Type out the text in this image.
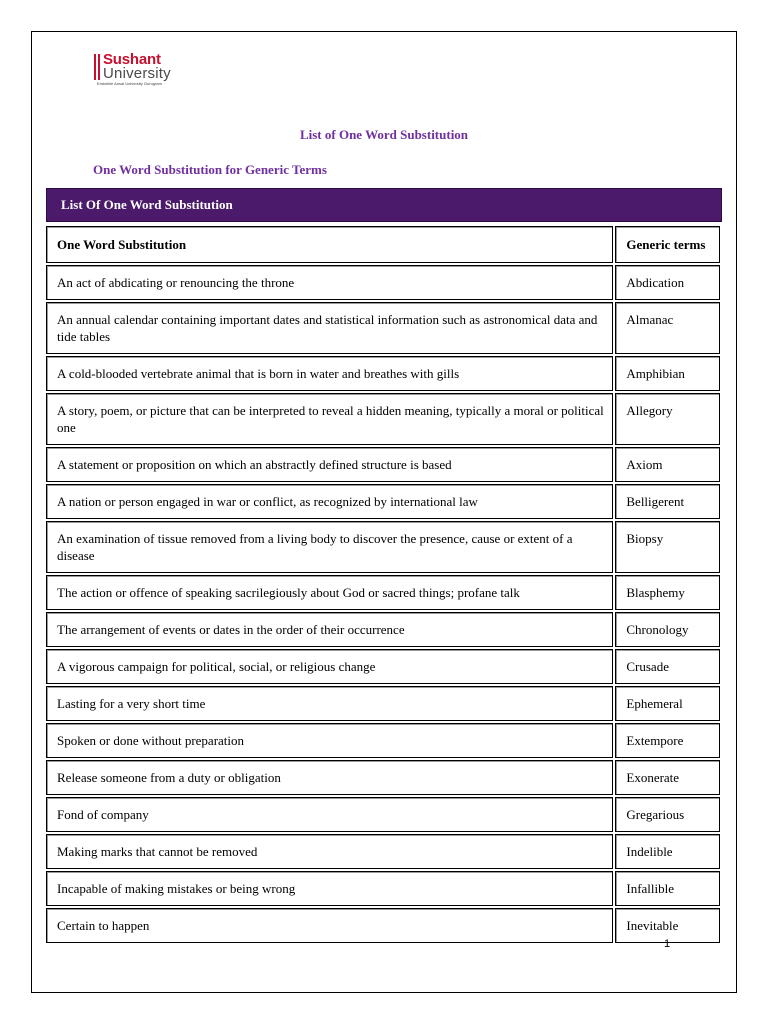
Sushant
University
Erstwhile Ansal University Gurugram
List of One Word Substitution
One Word Substitution for Generic Terms
List Of One Word Substitution
One Word Substitution	Generic terms
An act of abdicating or renouncing the throne	Abdication
An annual calendar containing important dates and statistical information such as astronomical data and tide tables	Almanac
A cold-blooded vertebrate animal that is born in water and breathes with gills	Amphibian
A story, poem, or picture that can be interpreted to reveal a hidden meaning, typically a moral or political one	Allegory
A statement or proposition on which an abstractly defined structure is based	Axiom
A nation or person engaged in war or conflict, as recognized by international law	Belligerent
An examination of tissue removed from a living body to discover the presence, cause or extent of a disease	Biopsy
The action or offence of speaking sacrilegiously about God or sacred things; profane talk	Blasphemy
The arrangement of events or dates in the order of their occurrence	Chronology
A vigorous campaign for political, social, or religious change	Crusade
Lasting for a very short time	Ephemeral
Spoken or done without preparation	Extempore
Release someone from a duty or obligation	Exonerate
Fond of company	Gregarious
Making marks that cannot be removed	Indelible
Incapable of making mistakes or being wrong	Infallible
Certain to happen	Inevitable
1
